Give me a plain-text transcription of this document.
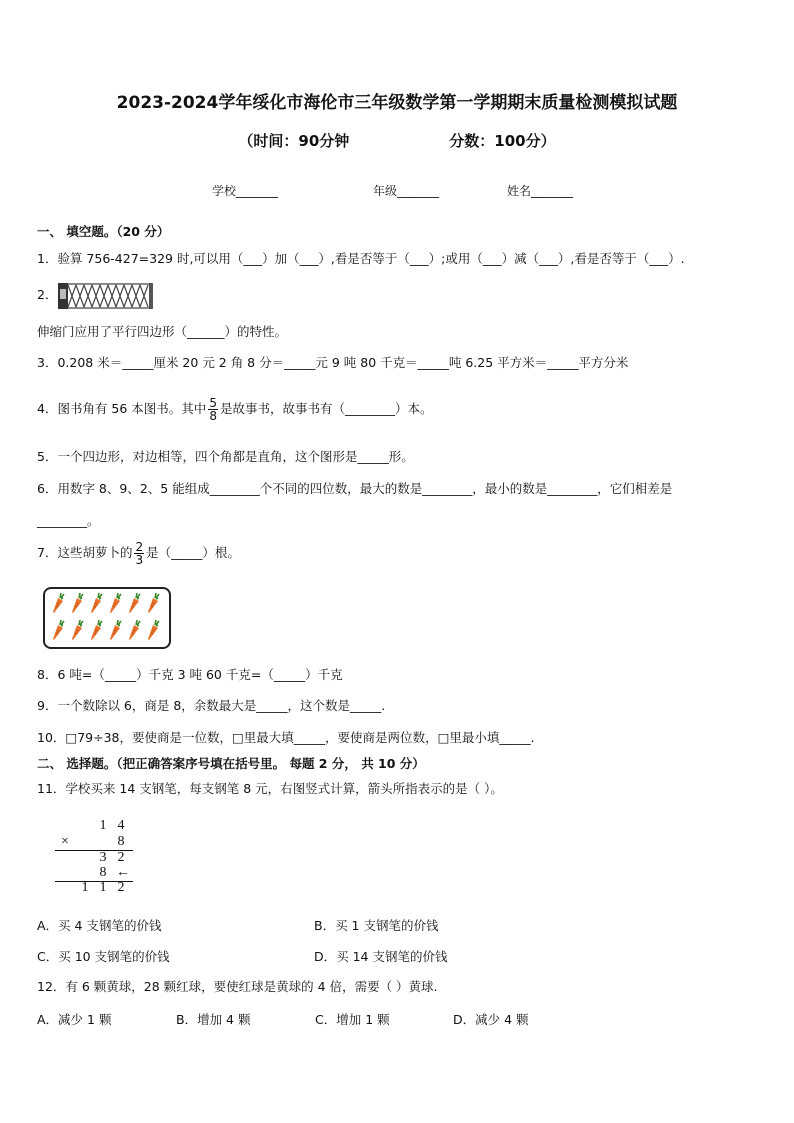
2023-2024学年绥化市海伦市三年级数学第一学期期末质量检测模拟试题
（时间：90分钟	分数：100分）
学校_______	年级_______	姓名_______
一、 填空题。（20 分）
1．验算 756-427=329 时,可以用（___）加（___）,看是否等于（___）;或用（___）减（___）,看是否等于（___）.
2．
伸缩门应用了平行四边形（______）的特性。
3．0.208 米＝_____厘米 20 元 2 角 8 分＝_____元 9 吨 80 千克＝_____吨 6.25 平方米＝_____平方分米
4．图书角有 56 本图书。其中 $\frac{5}{8}$ 是故事书，故事书有（________）本。
5．一个四边形，对边相等，四个角都是直角，这个图形是_____形。
6．用数字 8、9、2、5 能组成________个不同的四位数，最大的数是________，最小的数是________，它们相差是
________。
7．这些胡萝卜的 $\frac{2}{3}$ 是（_____）根。
8．6 吨=（_____）千克 3 吨 60 千克=（_____）千克
9．一个数除以 6，商是 8，余数最大是_____，这个数是_____.
10．□79÷38，要使商是一位数，□里最大填_____，要使商是两位数，□里最小填_____.
二、 选择题。（把正确答案序号填在括号里。 每题 2 分， 共 10 分）
11．学校买来 14 支钢笔，每支钢笔 8 元，右图竖式计算，箭头所指表示的是（ ）。
1 4
×	8
3 2
8 ←
1 1 2
A．买 4 支钢笔的价钱	B．买 1 支钢笔的价钱
C．买 10 支钢笔的价钱	D．买 14 支钢笔的价钱
12．有 6 颗黄球，28 颗红球，要使红球是黄球的 4 倍，需要（ ）黄球.
A．减少 1 颗	B．增加 4 颗	C．增加 1 颗	D．减少 4 颗
